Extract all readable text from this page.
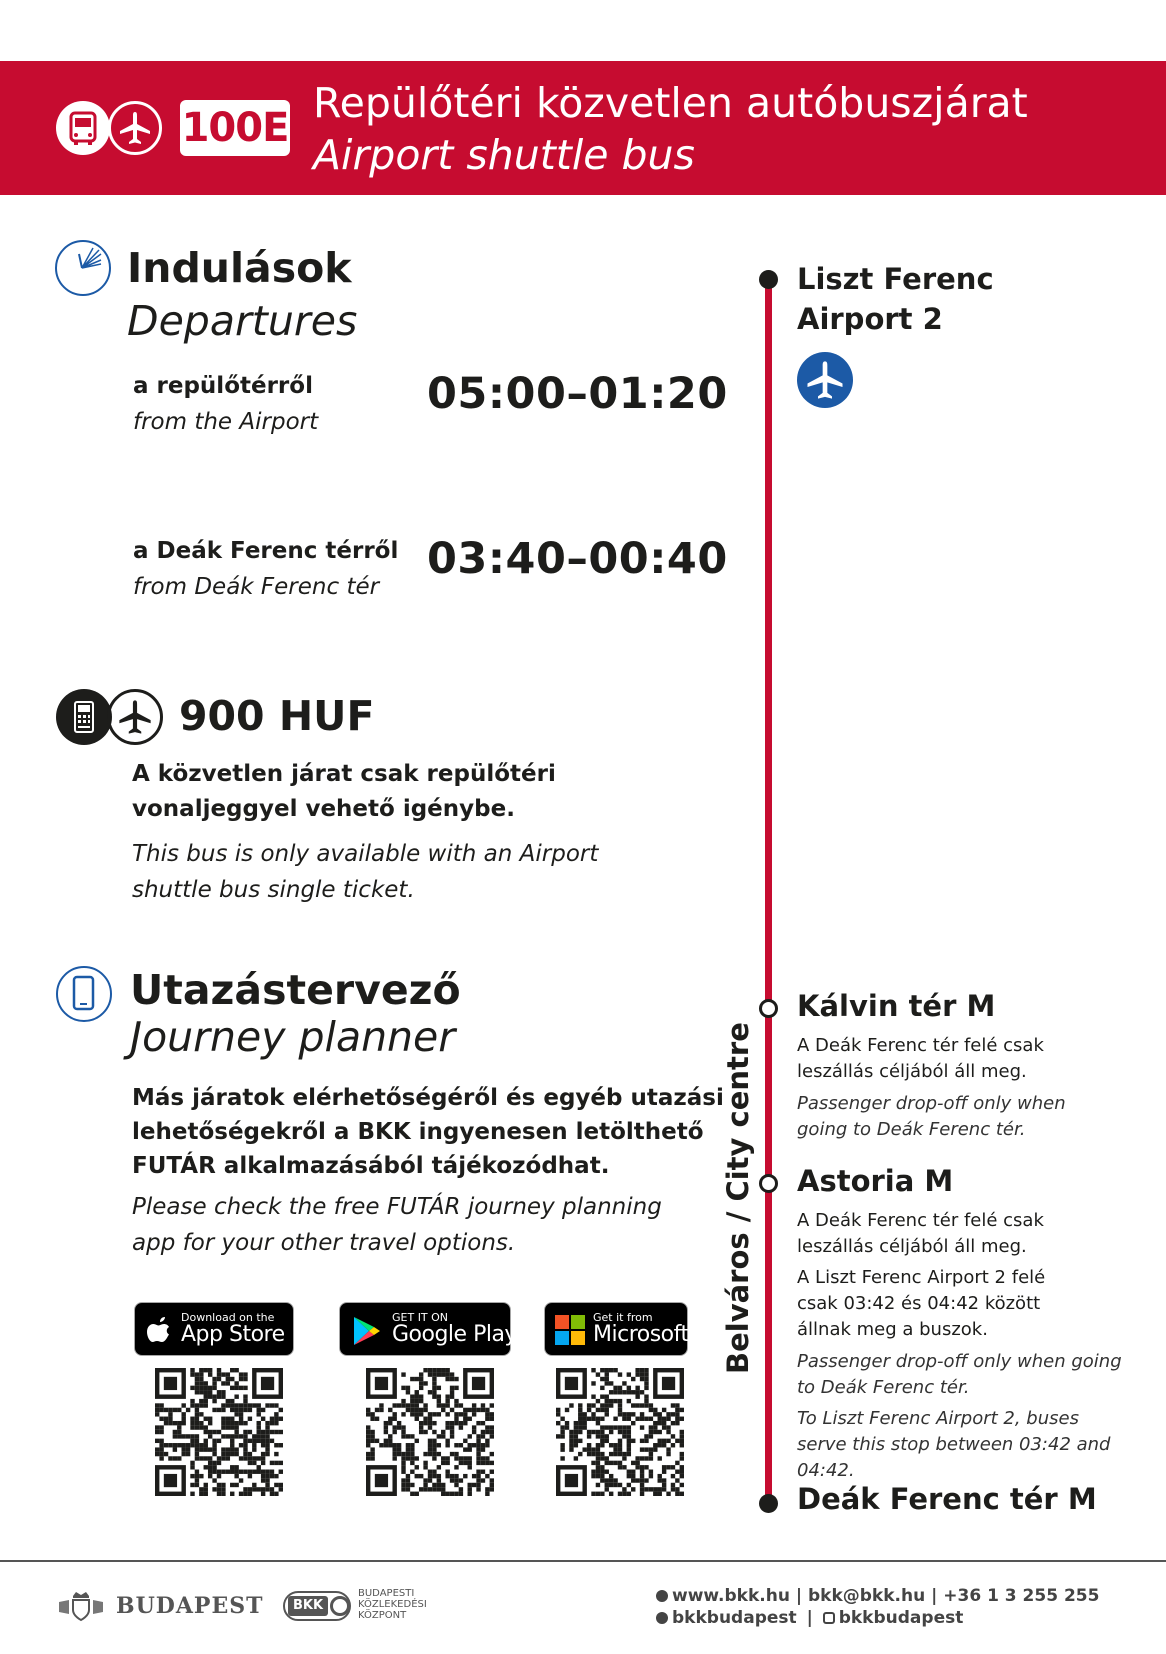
100E
Repülőtéri közvetlen autóbuszjárat
Airport shuttle bus
Indulások
Departures
a repülőtérről
from the Airport
05:00–01:20
a Deák Ferenc térről
from Deák Ferenc tér
03:40–00:40
900 HUF
A közvetlen járat csak repülőtéri vonaljeggyel vehető igénybe.
This bus is only available with an Airport shuttle bus single ticket.
Utazástervező
Journey planner
Más járatok elérhetőségéről és egyéb utazási lehetőségekről a BKK ingyenesen letölthető FUTÁR alkalmazásából tájékozódhat.
Please check the free FUTÁR journey planning app for your other travel options.
Download on the
App Store
GET IT ON
Google Play
Get it from
Microsoft Belváros / City centre
Liszt Ferenc
Airport 2
Kálvin tér M
A Deák Ferenc tér felé csak leszállás céljából áll meg.
Passenger drop-off only when going to Deák Ferenc tér.
Astoria M
A Deák Ferenc tér felé csak leszállás céljából áll meg.
A Liszt Ferenc Airport 2 felé csak 03:42 és 04:42 között állnak meg a buszok.
Passenger drop-off only when going to Deák Ferenc tér.
To Liszt Ferenc Airport 2, buses serve this stop between 03:42 and 04:42.
Deák Ferenc tér M
BUDAPEST	BKK
BUDAPESTI
KÖZLEKEDÉSI
KÖZPONT
www.bkk.hu | bkk@bkk.hu | +36 1 3 255 255
bkkbudapest | bkkbudapest
